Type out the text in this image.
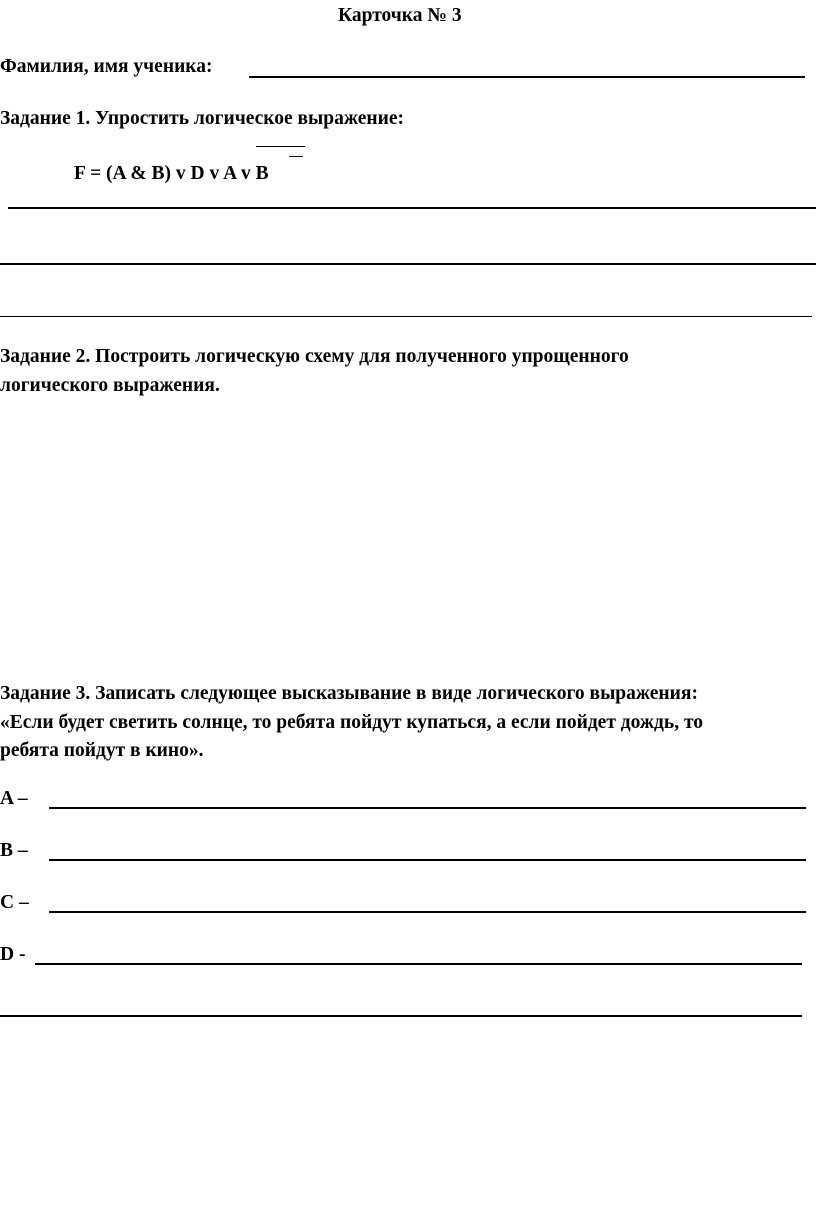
Карточка № 3
Фамилия, имя ученика:
Задание 1. Упростить логическое выражение:
F = (A & B) v D v A v B
Задание 2. Построить логическую схему для полученного упрощенного
логического выражения.
Задание 3. Записать следующее высказывание в виде логического выражения:
«Если будет светить солнце, то ребята пойдут купаться, а если пойдет дождь, то
ребята пойдут в кино».
A –
B –
C –
D -
